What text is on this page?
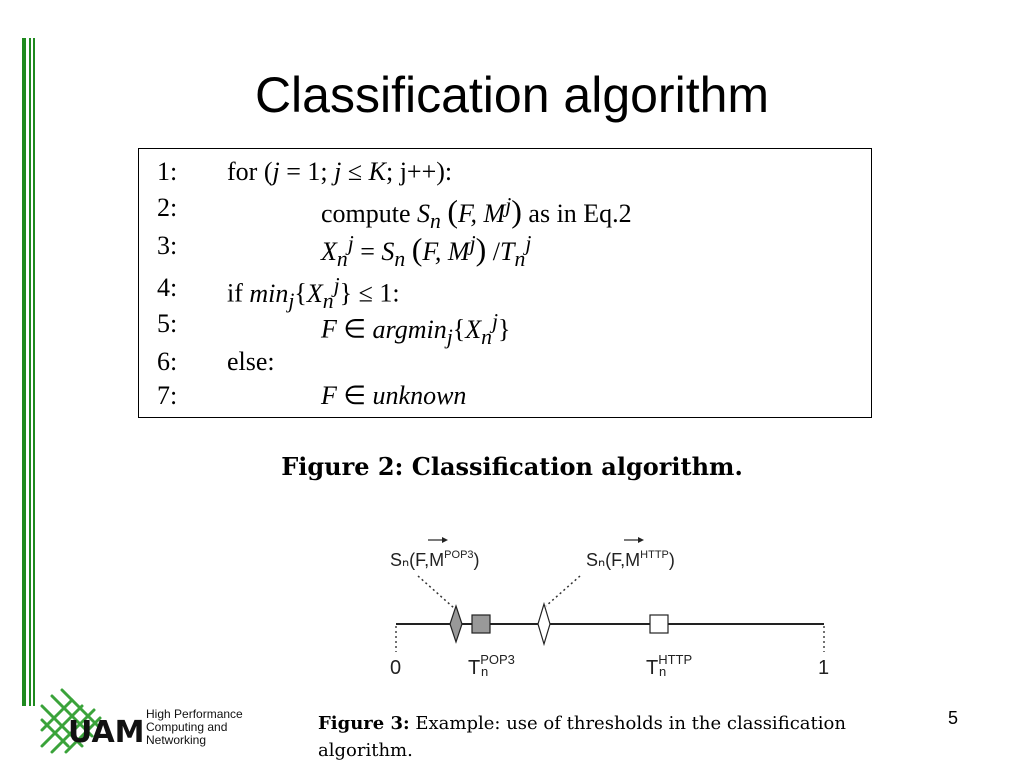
Classification algorithm
1: for (j = 1; j ≤ K; j++):
2:	compute $S_n$ (F, $M^j$) as in Eq.2
3:	$X_n^j = S_n$ (F, $M^j$) $/T_n^j$
4: if $\min_j\{X_n^j\} \le 1$:
5:	F ∈ $argmin_j\{X_n^j\}$
6: else:
7:	F ∈ unknown
Figure 2: Classification algorithm.
$S_n(F,M^{POP3})$	$S_n(F,M^{HTTP})$
0	1
$T^{POP3}$
n	$T^{HTTP}$
n
Figure 3: Example: use of thresholds in the classification algorithm.
UAM
High Performance
Computing and
Networking
5
